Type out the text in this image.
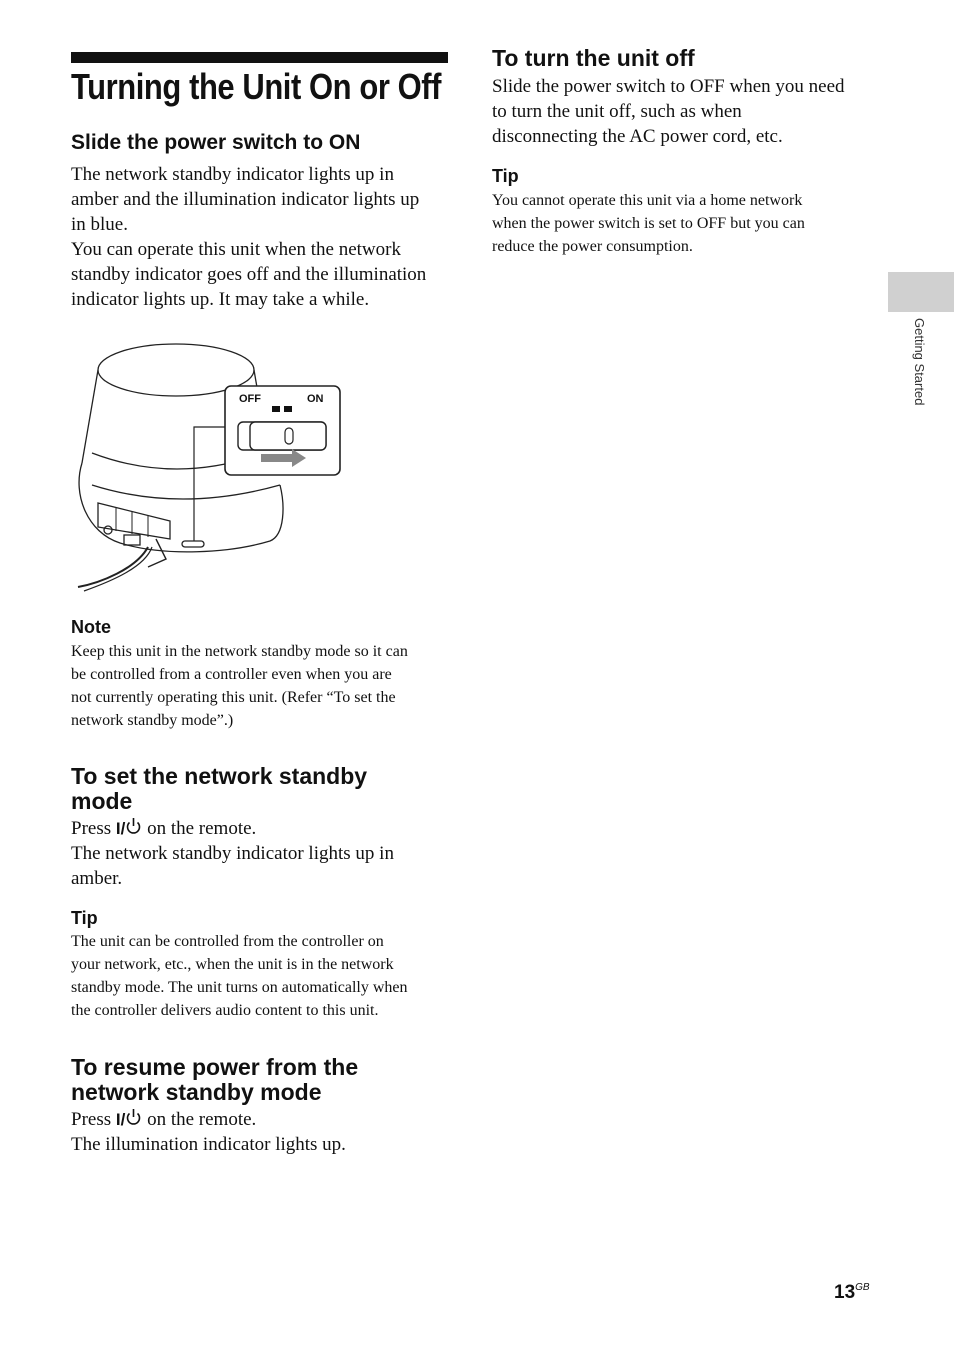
Turning the Unit On or Off
Slide the power switch to ON
The network standby indicator lights up in
amber and the illumination indicator lights up
in blue.
You can operate this unit when the network
standby indicator goes off and the illumination
indicator lights up. It may take a while.
OFF	ON
Note
Keep this unit in the network standby mode so it can
be controlled from a controller even when you are
not currently operating this unit. (Refer “To set the
network standby mode”.)
To set the network standby
mode
Press I/ on the remote.
The network standby indicator lights up in
amber.
Tip
The unit can be controlled from the controller on
your network, etc., when the unit is in the network
standby mode. The unit turns on automatically when
the controller delivers audio content to this unit.
To resume power from the
network standby mode
Press I/ on the remote.
The illumination indicator lights up.
To turn the unit off
Slide the power switch to OFF when you need
to turn the unit off, such as when
disconnecting the AC power cord, etc.
Tip
You cannot operate this unit via a home network
when the power switch is set to OFF but you can
reduce the power consumption.
Getting Started
$13^{GB}$
